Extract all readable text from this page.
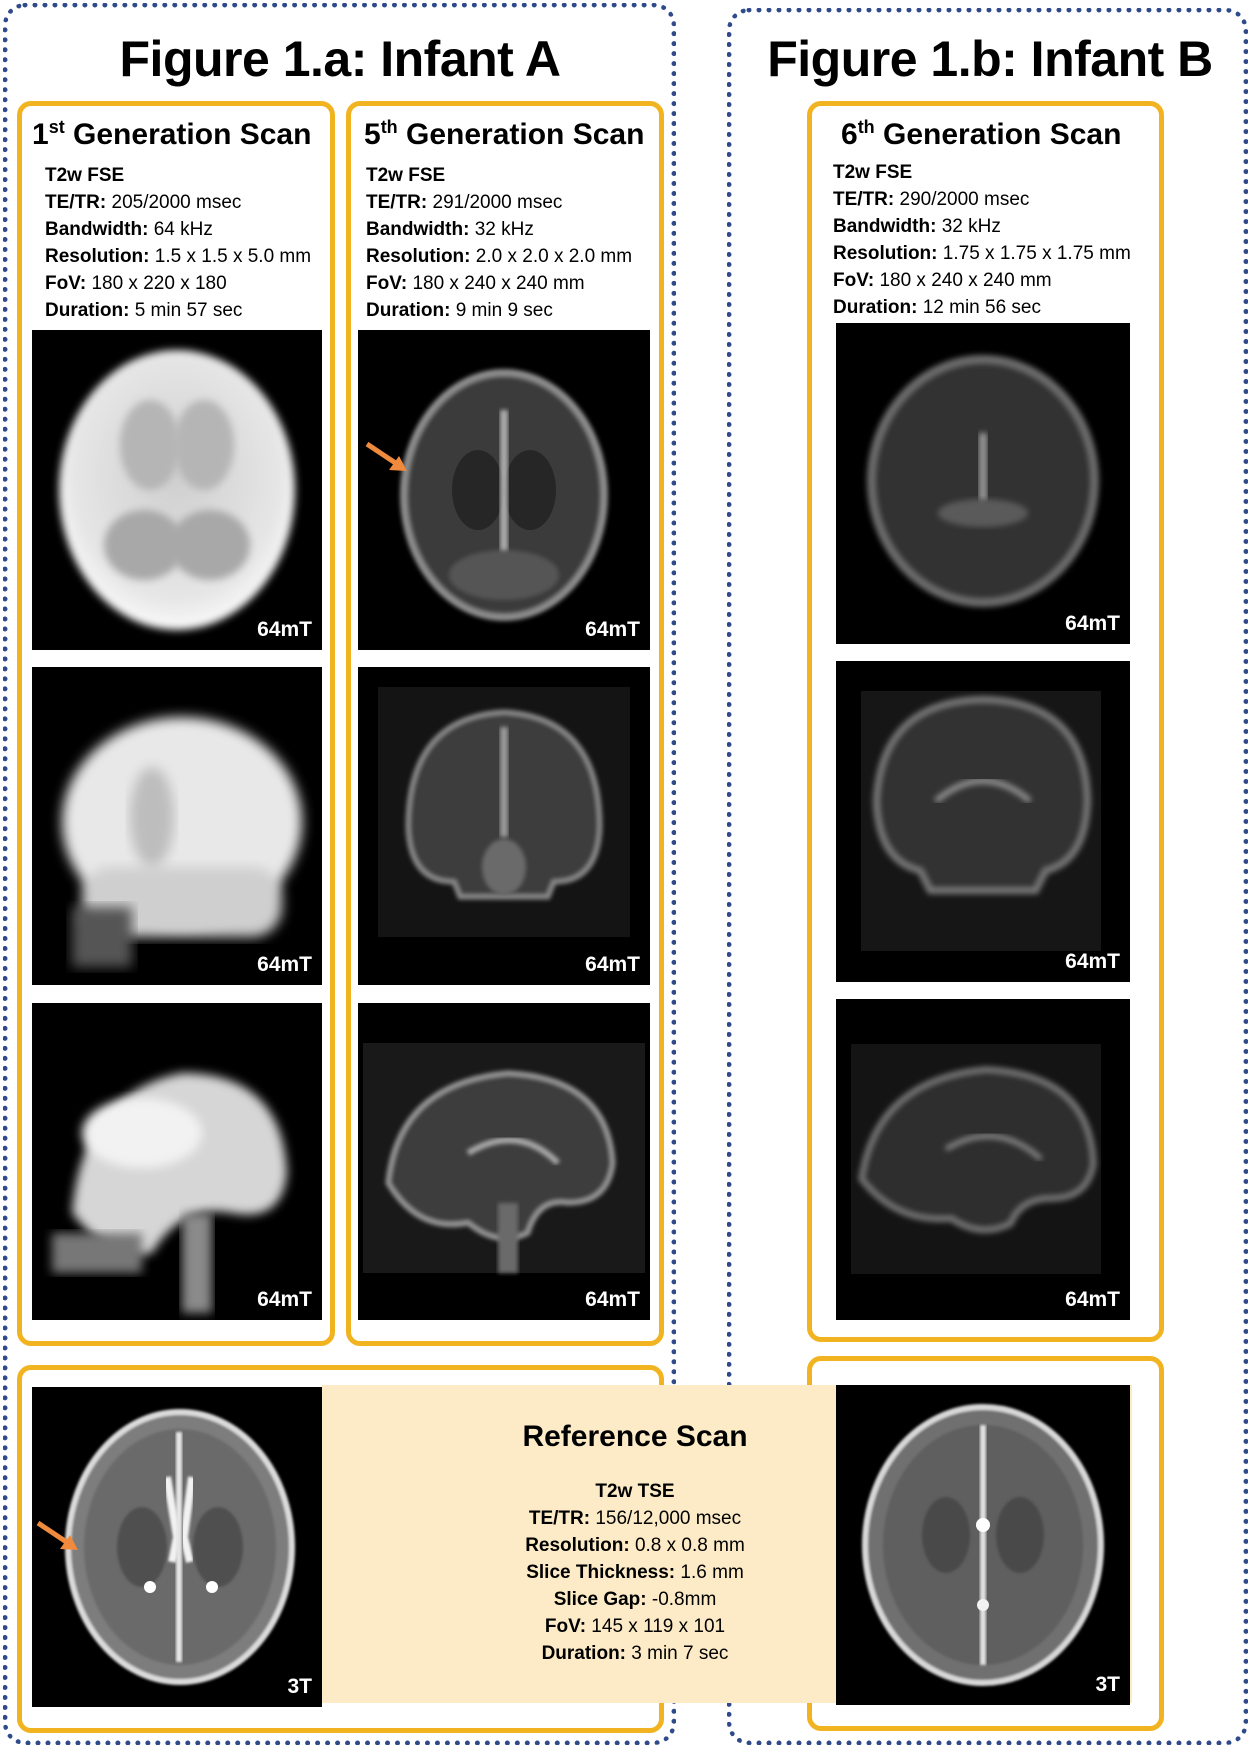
Figure 1.a: Infant A	Figure 1.b: Infant B
1st Generation Scan
T2w FSE
TE/TR: 205/2000 msec
Bandwidth: 64 kHz
Resolution: 1.5 x 1.5 x 5.0 mm
FoV: 180 x 220 x 180
Duration: 5 min 57 sec
64mT
64mT
64mT
5th Generation Scan
T2w FSE
TE/TR: 291/2000 msec
Bandwidth: 32 kHz
Resolution: 2.0 x 2.0 x 2.0 mm
FoV: 180 x 240 x 240 mm
Duration: 9 min 9 sec
64mT
64mT
64mT
6th Generation Scan
T2w FSE
TE/TR: 290/2000 msec
Bandwidth: 32 kHz
Resolution: 1.75 x 1.75 x 1.75 mm
FoV: 180 x 240 x 240 mm
Duration: 12 min 56 sec
64mT
64mT
64mT
Reference Scan
T2w TSE
TE/TR: 156/12,000 msec
Resolution: 0.8 x 0.8 mm
Slice Thickness: 1.6 mm
Slice Gap: -0.8mm
FoV: 145 x 119 x 101
Duration: 3 min 7 sec
3T	3T
